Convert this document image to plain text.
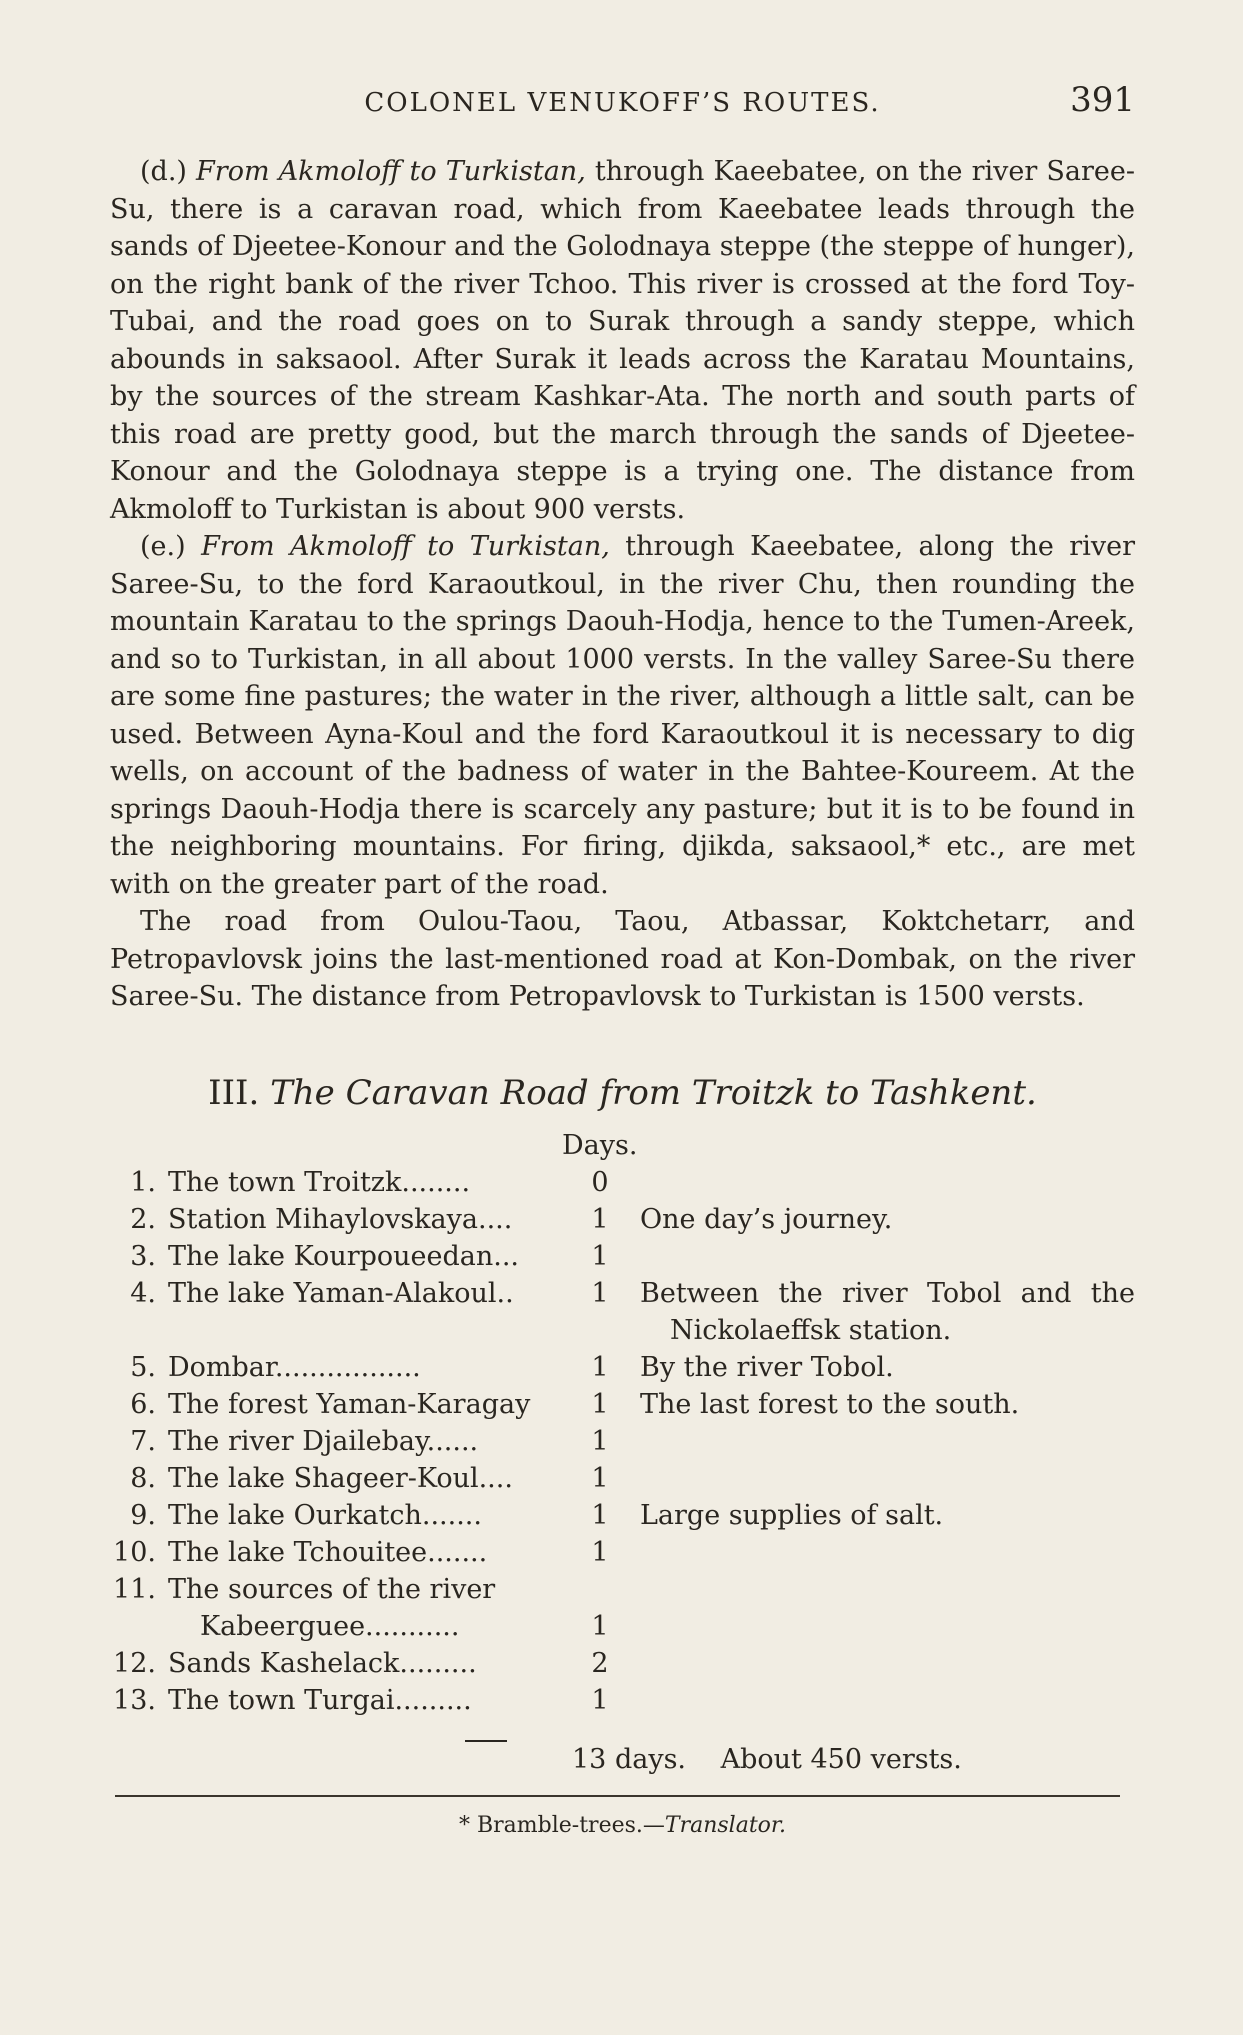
COLONEL VENUKOFF’S ROUTES.	391

(d.) From Akmoloff to Turkistan, through Kaeebatee, on the river Saree-Su, there is a caravan road, which from Kaeebatee leads through the sands of Djeetee-Konour and the Golodnaya steppe (the steppe of hunger), on the right bank of the river Tchoo. This river is crossed at the ford Toy-Tubai, and the road goes on to Surak through a sandy steppe, which abounds in saksaool. After Surak it leads across the Karatau Mountains, by the sources of the stream Kashkar-Ata. The north and south parts of this road are pretty good, but the march through the sands of Djeetee-Konour and the Golodnaya steppe is a trying one. The distance from Akmoloff to Turkistan is about 900 versts.

(e.) From Akmoloff to Turkistan, through Kaeebatee, along the river Saree-Su, to the ford Karaoutkoul, in the river Chu, then rounding the mountain Karatau to the springs Daouh-Hodja, hence to the Tumen-Areek, and so to Turkistan, in all about 1000 versts. In the valley Saree-Su there are some fine pastures; the water in the river, although a little salt, can be used. Between Ayna-Koul and the ford Karaoutkoul it is necessary to dig wells, on account of the badness of water in the Bahtee-Koureem. At the springs Daouh-Hodja there is scarcely any pasture; but it is to be found in the neighboring mountains. For firing, djikda, saksaool,* etc., are met with on the greater part of the road.

The road from Oulou-Taou, Taou, Atbassar, Koktchetarr, and Petropavlovsk joins the last-mentioned road at Kon-Dombak, on the river Saree-Su. The distance from Petropavlovsk to Turkistan is 1500 versts.

III. The Caravan Road from Troitzk to Tashkent.
Days.
1. The town Troitzk........	0
2. Station Mihaylovskaya....	1	One day’s journey.
3. The lake Kourpoueedan...	1
4. The lake Yaman-Alakoul..	1	Between the river Tobol and the
Nickolaeffsk station.
5. Dombar.................	1	By the river Tobol.
6. The forest Yaman-Karagay	1	The last forest to the south.
7. The river Djailebay......	1
8. The lake Shageer-Koul....	1
9. The lake Ourkatch.......	1	Large supplies of salt.
10. The lake Tchouitee.......	1
11. The sources of the river
Kabeerguee...........	1
12. Sands Kashelack.........	2
13. The town Turgai.........	1
13 days. About 450 versts.
* Bramble-trees.—Translator.
